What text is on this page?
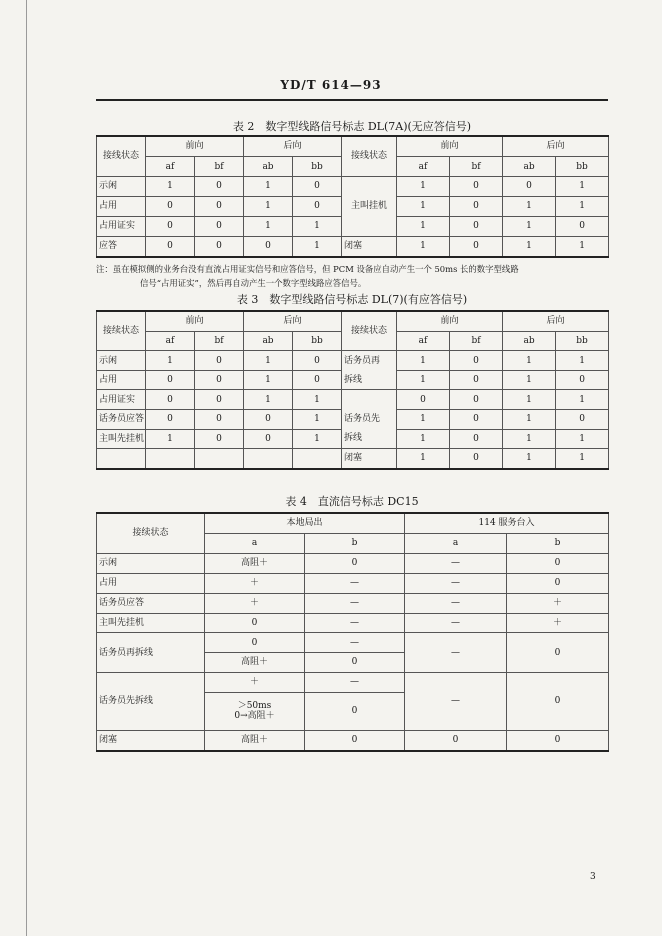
YD/T 614—93
表 2　数字型线路信号标志 DL(7A)(无应答信号)
接线状态	前向		后向		接线状态	前向		后向	
	af	bf	ab	bb		af	bf	ab	bb
示闲	1	0	1	0		1	0	0	1
占用	0	0	1	0	主叫挂机	1	0	1	1
占用证实	0	0	1	1		1	0	1	0
应答	0	0	0	1	闭塞	1	0	1	1
注：虽在模拟侧的业务台没有直流占用证实信号和应答信号，但 PCM 设备应自动产生一个 50ms 长的数字型线路
信号“占用证实”，然后再自动产生一个数字型线路应答信号。
表 3　数字型线路信号标志 DL(7)(有应答信号)
接续状态	前向		后向		接续状态	前向		后向	
	af	bf	ab	bb		af	bf	ab	bb
示闲	1	0	1	0	话务员再	1	0	1	1
占用	0	0	1	0	拆线	1	0	1	0
占用证实	0	0	1	1		0	0	1	1
话务员应答	0	0	0	1	话务员先	1	0	1	0
主叫先挂机	1	0	0	1	拆线	1	0	1	1
					闭塞	1	0	1	1
表 4　直流信号标志 DC15
接续状态	本地局出		114 服务台入	
	a	b	a	b
示闲	高阻＋	0	—	0
占用	＋	—	—	0
话务员应答	＋	—	—	＋
主叫先挂机	0	—	—	＋
话务员再拆线	0	—	—	0
	高阻＋	0		
话务员先拆线	＋	—	—	0

	＞50ms
0→高阻＋	0		
闭塞	高阻＋	0	0	0
3
